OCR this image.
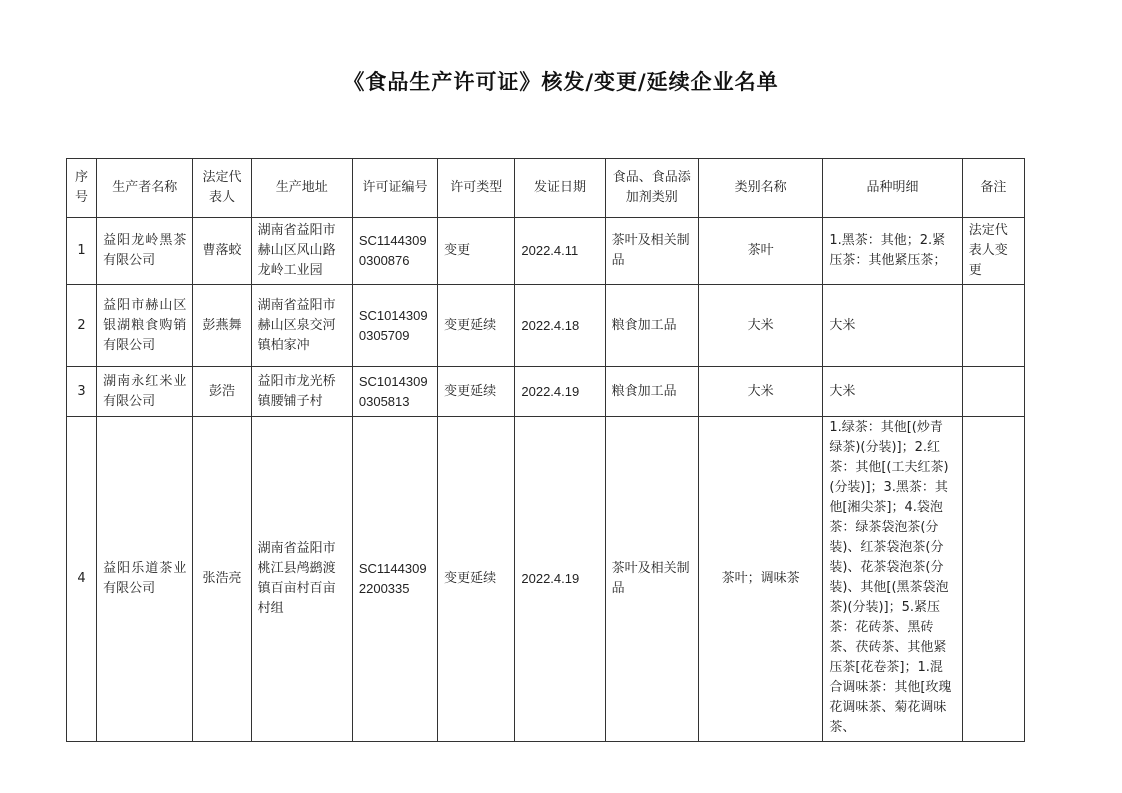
《食品生产许可证》核发/变更/延续企业名单
序号	生产者名称	法定代表人	生产地址	许可证编号	许可类型	发证日期	食品、食品添加剂类别	类别名称	品种明细	备注
1	益阳龙岭黑茶有限公司	曹落蛟	湖南省益阳市赫山区风山路龙岭工业园	SC11443090300876	变更	2022.4.11	茶叶及相关制品	茶叶	1.黑茶：其他；2.紧压茶：其他紧压茶；	法定代表人变更
2	益阳市赫山区银湖粮食购销有限公司	彭燕舞	湖南省益阳市赫山区泉交河镇柏家冲	SC10143090305709	变更延续	2022.4.18	粮食加工品	大米	大米	
3	湖南永红米业有限公司	彭浩	益阳市龙光桥镇腰铺子村	SC10143090305813	变更延续	2022.4.19	粮食加工品	大米	大米	
4	益阳乐道茶业有限公司	张浩亮	湖南省益阳市桃江县鸬鹚渡镇百亩村百亩村组	SC11443092200335	变更延续	2022.4.19	茶叶及相关制品	茶叶；调味茶	1.绿茶：其他[(炒青绿茶)(分装)]；2.红茶：其他[(工夫红茶)(分装)]；3.黑茶：其他[湘尖茶]；4.袋泡茶：绿茶袋泡茶(分装)、红茶袋泡茶(分装)、花茶袋泡茶(分装)、其他[(黑茶袋泡茶)(分装)]；5.紧压茶：花砖茶、黑砖茶、茯砖茶、其他紧压茶[花卷茶]；1.混合调味茶：其他[玫瑰花调味茶、菊花调味茶、	
